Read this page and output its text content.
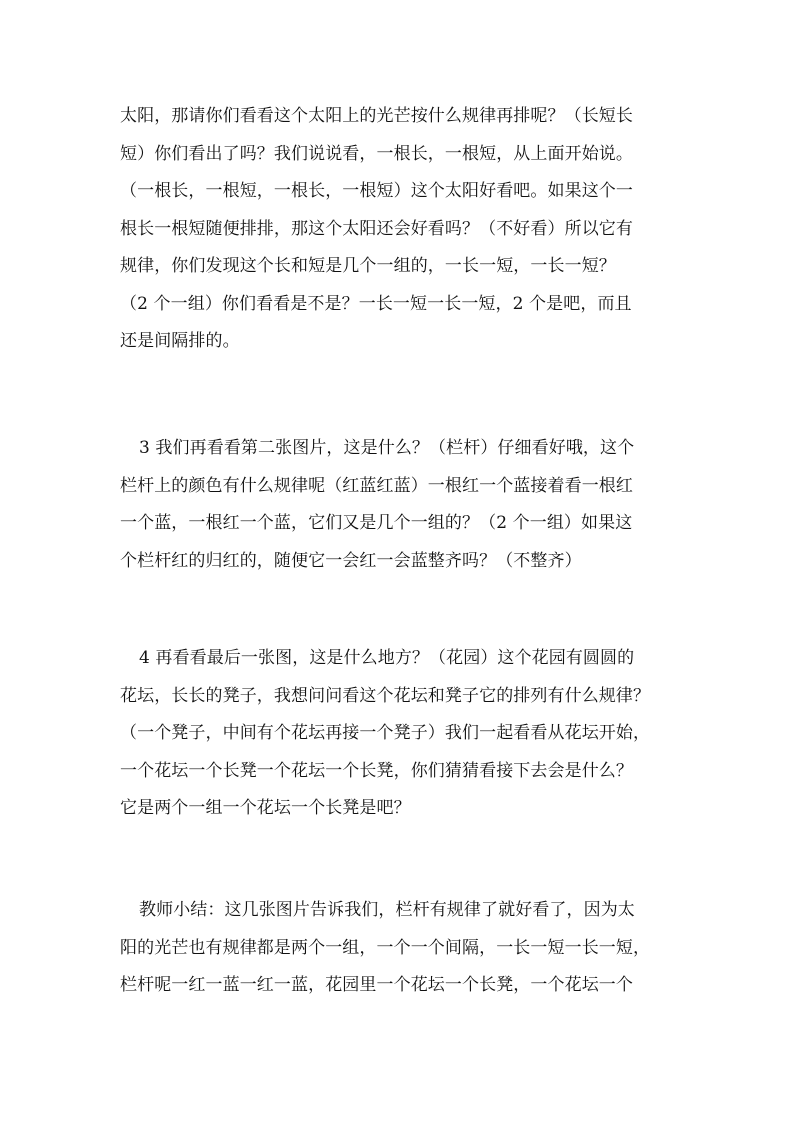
太阳，那请你们看看这个太阳上的光芒按什么规律再排呢？（长短长
短）你们看出了吗？我们说说看，一根长，一根短，从上面开始说。
（一根长，一根短，一根长，一根短）这个太阳好看吧。如果这个一
根长一根短随便排排，那这个太阳还会好看吗？（不好看）所以它有
规律，你们发现这个长和短是几个一组的，一长一短，一长一短？
（2 个一组）你们看看是不是？一长一短一长一短，2 个是吧，而且
还是间隔排的。
3 我们再看看第二张图片，这是什么？（栏杆）仔细看好哦，这个
栏杆上的颜色有什么规律呢（红蓝红蓝）一根红一个蓝接着看一根红
一个蓝，一根红一个蓝，它们又是几个一组的？（2 个一组）如果这
个栏杆红的归红的，随便它一会红一会蓝整齐吗？（不整齐）
4 再看看最后一张图，这是什么地方？（花园）这个花园有圆圆的
花坛，长长的凳子，我想问问看这个花坛和凳子它的排列有什么规律？
（一个凳子，中间有个花坛再接一个凳子）我们一起看看从花坛开始，
一个花坛一个长凳一个花坛一个长凳，你们猜猜看接下去会是什么？
它是两个一组一个花坛一个长凳是吧？
教师小结：这几张图片告诉我们，栏杆有规律了就好看了，因为太
阳的光芒也有规律都是两个一组，一个一个间隔，一长一短一长一短，
栏杆呢一红一蓝一红一蓝，花园里一个花坛一个长凳，一个花坛一个
